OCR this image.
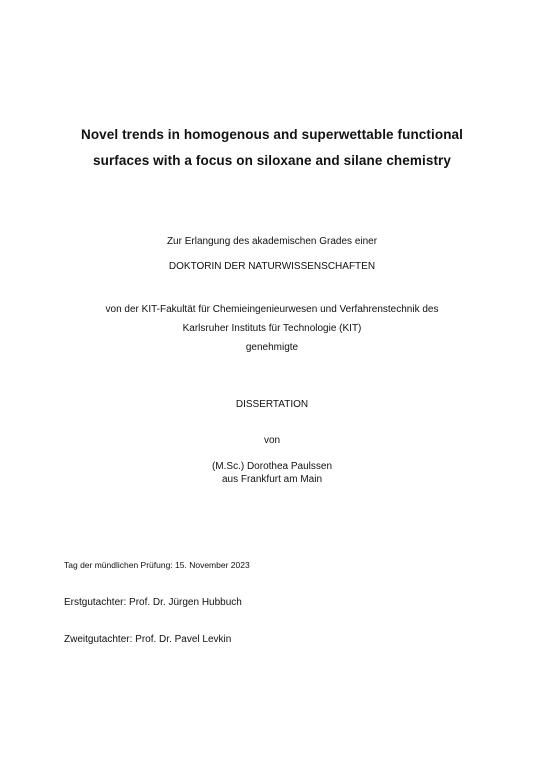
Novel trends in homogenous and superwettable functional
surfaces with a focus on siloxane and silane chemistry
Zur Erlangung des akademischen Grades einer
DOKTORIN DER NATURWISSENSCHAFTEN
von der KIT-Fakultät für Chemieingenieurwesen und Verfahrenstechnik des
Karlsruher Instituts für Technologie (KIT)
genehmigte
DISSERTATION
von
(M.Sc.) Dorothea Paulssen
aus Frankfurt am Main
Tag der mündlichen Prüfung: 15. November 2023
Erstgutachter: Prof. Dr. Jürgen Hubbuch
Zweitgutachter: Prof. Dr. Pavel Levkin
